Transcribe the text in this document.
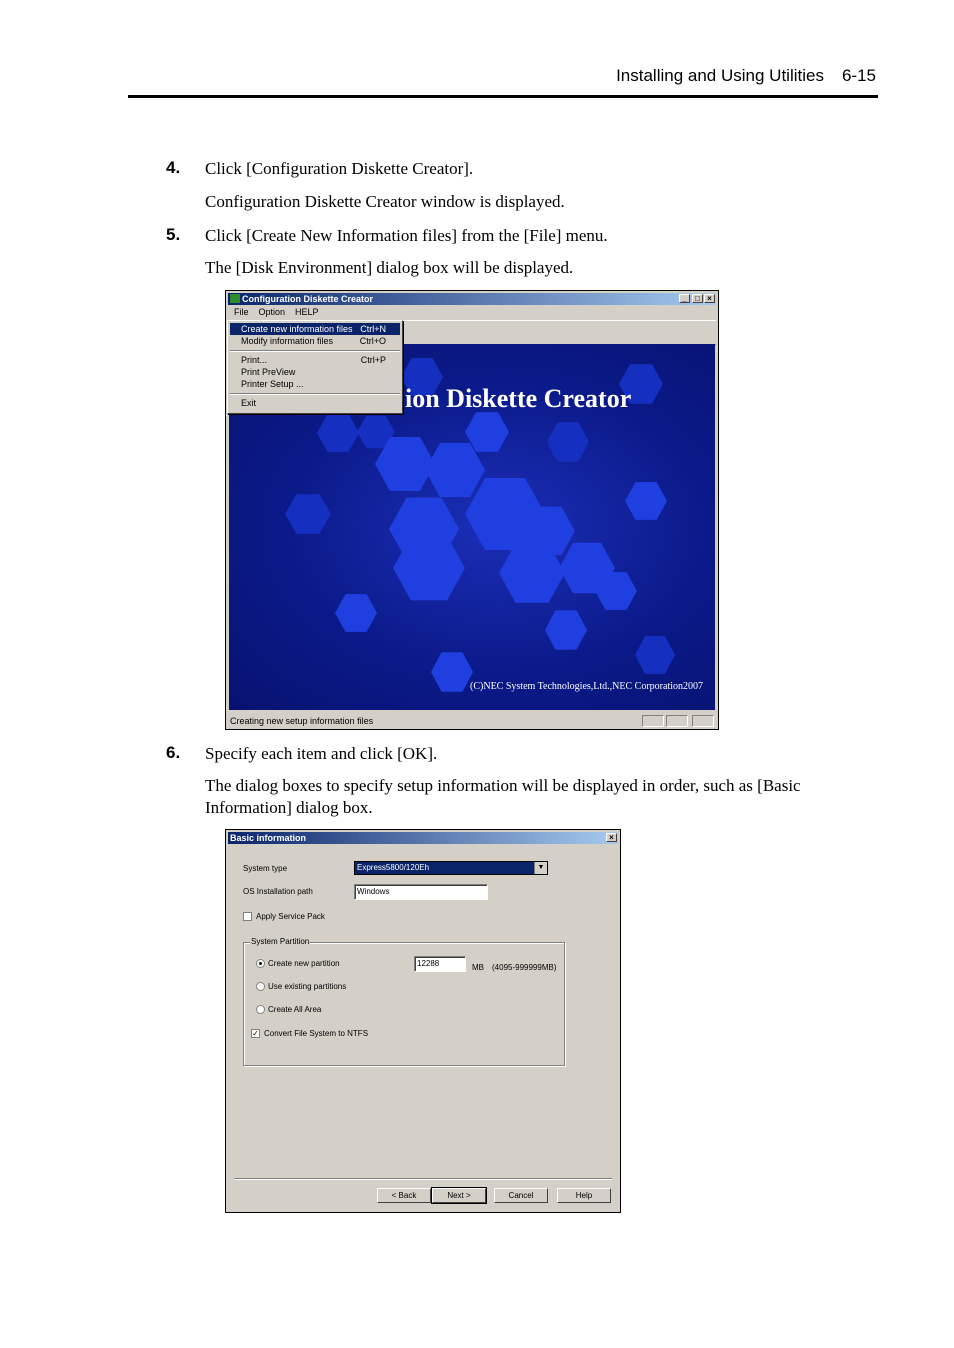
Installing and Using Utilities 6-15
4. Click [Configuration Diskette Creator].
Configuration Diskette Creator window is displayed.
5. Click [Create New Information files] from the [File] menu.
The [Disk Environment] dialog box will be displayed.
Configuration Diskette Creator	_	□ ×
File Option HELP
ion Diskette Creator
(C)NEC System Technologies,Ltd.,NEC Corporation2007
Creating new setup information files
Create new information files Ctrl+N
Modify information files	Ctrl+O
Print...	Ctrl+P
Print PreView
Printer Setup ...
Exit
6. Specify each item and click [OK].
The dialog boxes to specify setup information will be displayed in order, such as [Basic Information] dialog box.
Basic information	×
System type	Express5800/120Eh	▼
OS Installation path	Windows
Apply Service Pack
System Partition
Create new partition	12288	MB (4095-999999MB)
Use existing partitions
Create All Area
✓ Convert File System to NTFS
< Back	Next >	Cancel	Help
